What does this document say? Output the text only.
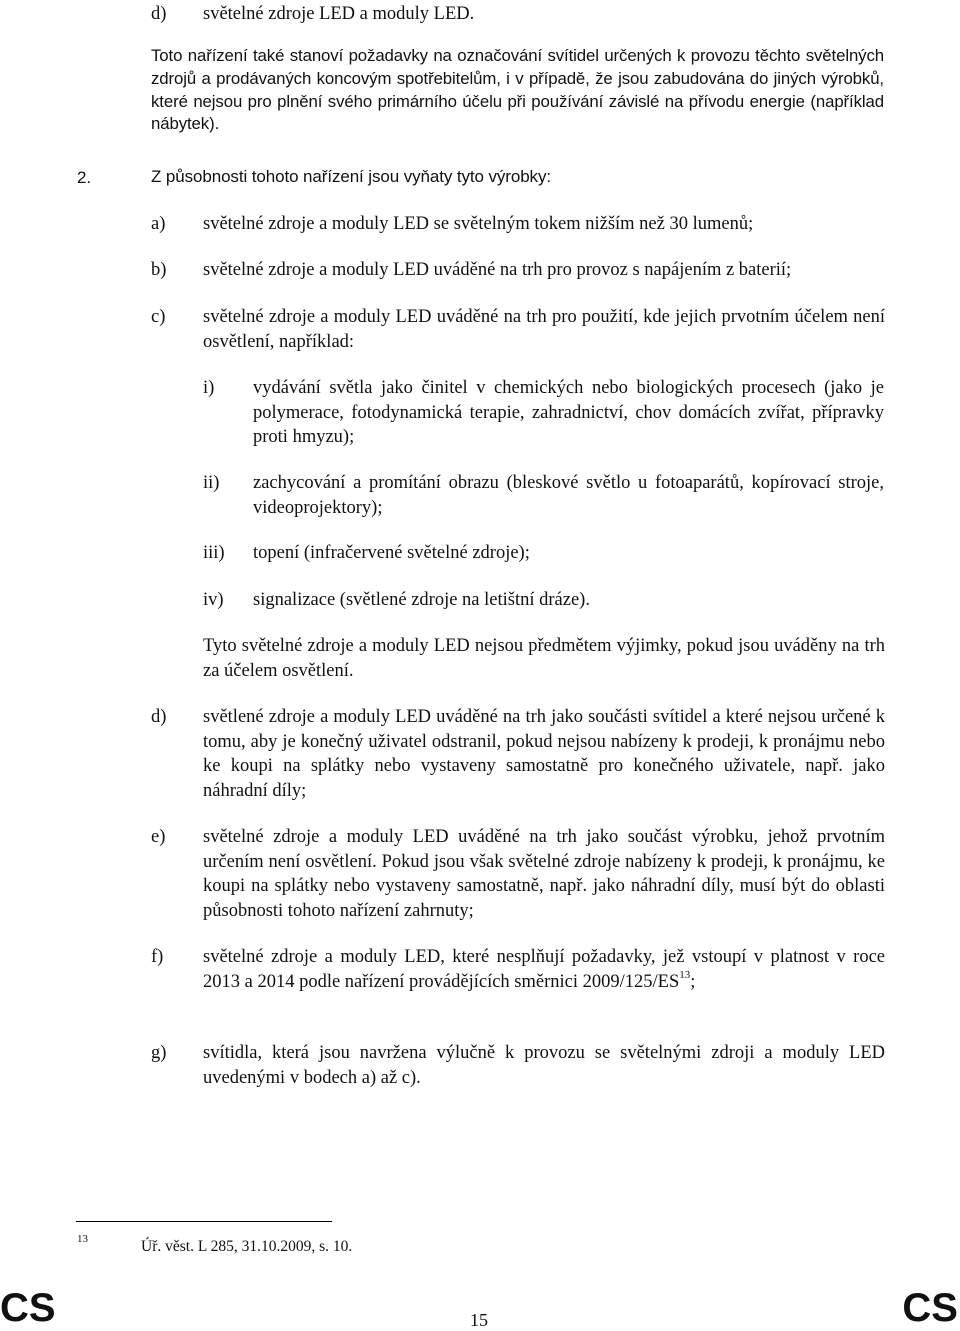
d) světelné zdroje LED a moduly LED.
Toto nařízení také stanoví požadavky na označování svítidel určených k provozu těchto světelných zdrojů a prodávaných koncovým spotřebitelům, i v případě, že jsou zabudována do jiných výrobků, které nejsou pro plnění svého primárního účelu při používání závislé na přívodu energie (například nábytek).
2.	Z působnosti tohoto nařízení jsou vyňaty tyto výrobky:
a) světelné zdroje a moduly LED se světelným tokem nižším než 30 lumenů;
b) světelné zdroje a moduly LED uváděné na trh pro provoz s napájením z baterií;
c) světelné zdroje a moduly LED uváděné na trh pro použití, kde jejich prvotním účelem není osvětlení, například:
i) vydávání světla jako činitel v chemických nebo biologických procesech (jako je polymerace, fotodynamická terapie, zahradnictví, chov domácích zvířat, přípravky proti hmyzu);
ii) zachycování a promítání obrazu (bleskové světlo u fotoaparátů, kopírovací stroje, videoprojektory);
iii) topení (infračervené světelné zdroje);
iv) signalizace (světlené zdroje na letištní dráze).
Tyto světelné zdroje a moduly LED nejsou předmětem výjimky, pokud jsou uváděny na trh za účelem osvětlení.
d) světlené zdroje a moduly LED uváděné na trh jako součásti svítidel a které nejsou určené k tomu, aby je konečný uživatel odstranil, pokud nejsou nabízeny k prodeji, k pronájmu nebo ke koupi na splátky nebo vystaveny samostatně pro konečného uživatele, např. jako náhradní díly;
e) světelné zdroje a moduly LED uváděné na trh jako součást výrobku, jehož prvotním určením není osvětlení. Pokud jsou však světelné zdroje nabízeny k prodeji, k pronájmu, ke koupi na splátky nebo vystaveny samostatně, např. jako náhradní díly, musí být do oblasti působnosti tohoto nařízení zahrnuty;
f) světelné zdroje a moduly LED, které nesplňují požadavky, jež vstoupí v platnost v roce 2013 a 2014 podle nařízení provádějících směrnici 2009/125/ES$^{13}$;
g) svítidla, která jsou navržena výlučně k provozu se světelnými zdroji a moduly LED uvedenými v bodech a) až c).
13	Úř. věst. L 285, 31.10.2009, s. 10.
CS	15	CS
